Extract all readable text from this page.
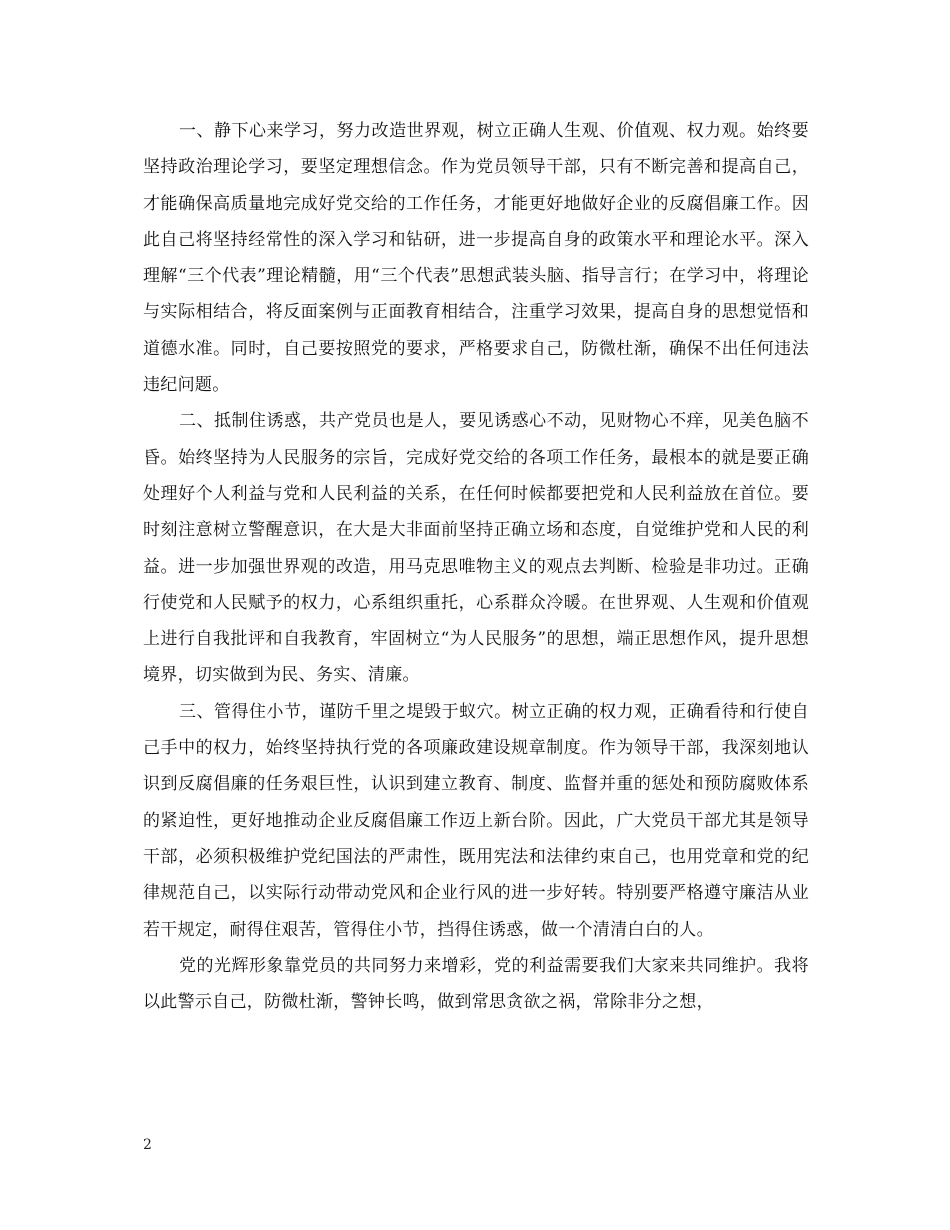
一、静下心来学习，努力改造世界观，树立正确人生观、价值观、权力观。始终要坚持政治理论学习，要坚定理想信念。作为党员领导干部，只有不断完善和提高自己，才能确保高质量地完成好党交给的工作任务，才能更好地做好企业的反腐倡廉工作。因此自己将坚持经常性的深入学习和钻研，进一步提高自身的政策水平和理论水平。深入理解“三个代表”理论精髓，用“三个代表”思想武装头脑、指导言行；在学习中，将理论与实际相结合，将反面案例与正面教育相结合，注重学习效果，提高自身的思想觉悟和道德水准。同时，自己要按照党的要求，严格要求自己，防微杜渐，确保不出任何违法违纪问题。

二、抵制住诱惑，共产党员也是人，要见诱惑心不动，见财物心不痒，见美色脑不昏。始终坚持为人民服务的宗旨，完成好党交给的各项工作任务，最根本的就是要正确处理好个人利益与党和人民利益的关系，在任何时候都要把党和人民利益放在首位。要时刻注意树立警醒意识，在大是大非面前坚持正确立场和态度，自觉维护党和人民的利益。进一步加强世界观的改造，用马克思唯物主义的观点去判断、检验是非功过。正确行使党和人民赋予的权力，心系组织重托，心系群众冷暖。在世界观、人生观和价值观上进行自我批评和自我教育，牢固树立“为人民服务”的思想，端正思想作风，提升思想境界，切实做到为民、务实、清廉。

三、管得住小节，谨防千里之堤毁于蚁穴。树立正确的权力观，正确看待和行使自己手中的权力，始终坚持执行党的各项廉政建设规章制度。作为领导干部，我深刻地认识到反腐倡廉的任务艰巨性，认识到建立教育、制度、监督并重的惩处和预防腐败体系的紧迫性，更好地推动企业反腐倡廉工作迈上新台阶。因此，广大党员干部尤其是领导干部，必须积极维护党纪国法的严肃性，既用宪法和法律约束自己，也用党章和党的纪律规范自己，以实际行动带动党风和企业行风的进一步好转。特别要严格遵守廉洁从业若干规定，耐得住艰苦，管得住小节，挡得住诱惑，做一个清清白白的人。

党的光辉形象靠党员的共同努力来增彩，党的利益需要我们大家来共同维护。我将以此警示自己，防微杜渐，警钟长鸣，做到常思贪欲之祸，常除非分之想，

2
